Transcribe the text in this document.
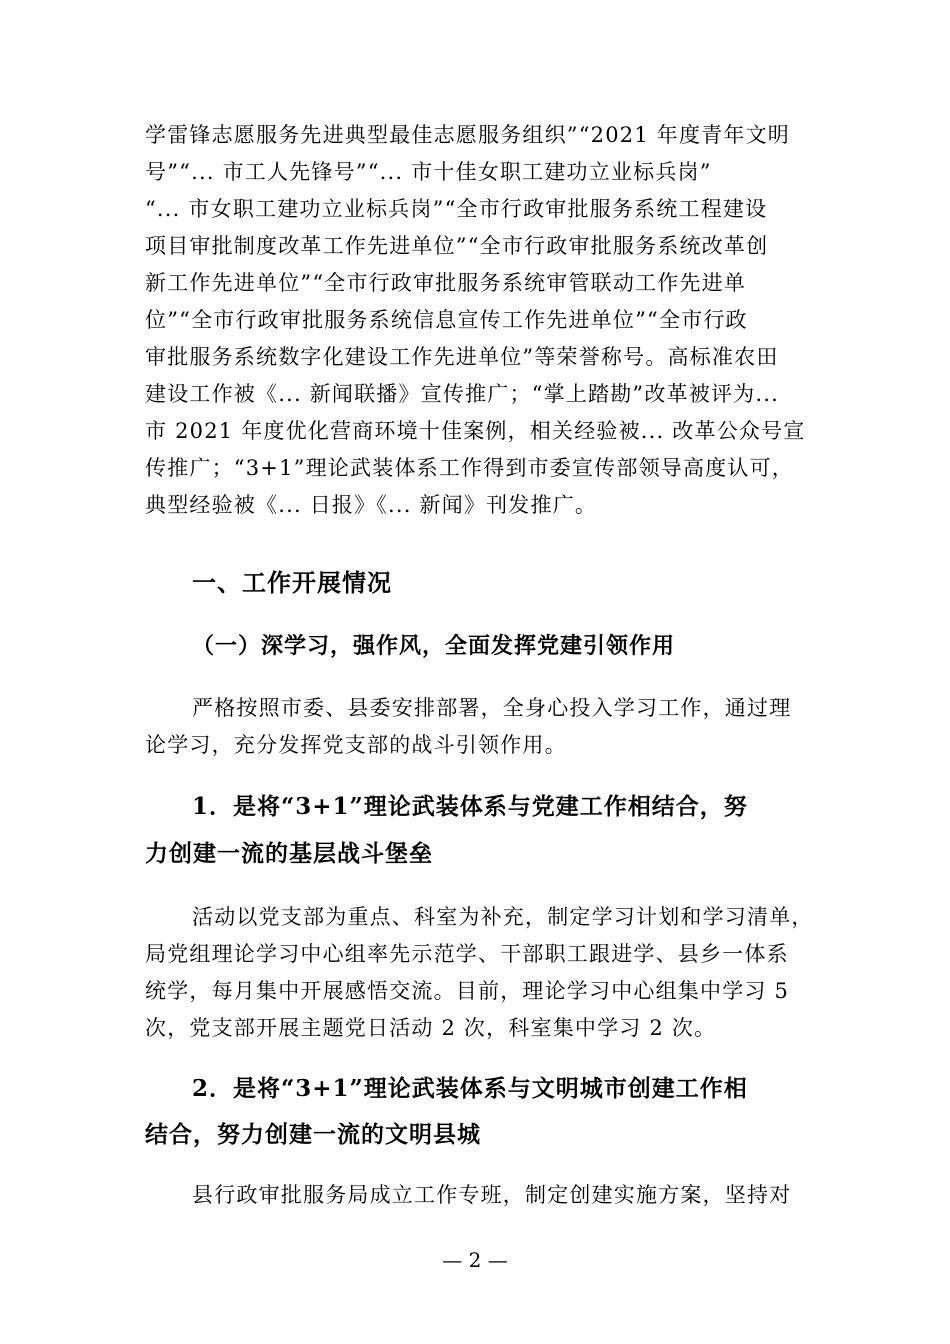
学雷锋志愿服务先进典型最佳志愿服务组织”“2021 年度青年文明
号”“... 市工人先锋号”“... 市十佳女职工建功立业标兵岗”
“... 市女职工建功立业标兵岗”“全市行政审批服务系统工程建设
项目审批制度改革工作先进单位”“全市行政审批服务系统改革创
新工作先进单位”“全市行政审批服务系统审管联动工作先进单
位”“全市行政审批服务系统信息宣传工作先进单位”“全市行政
审批服务系统数字化建设工作先进单位”等荣誉称号。高标准农田
建设工作被《... 新闻联播》宣传推广；“掌上踏勘”改革被评为...
市 2021 年度优化营商环境十佳案例，相关经验被... 改革公众号宣
传推广；“3+1”理论武装体系工作得到市委宣传部领导高度认可，
典型经验被《... 日报》《... 新闻》刊发推广。
一、工作开展情况
（一）深学习，强作风，全面发挥党建引领作用
严格按照市委、县委安排部署，全身心投入学习工作，通过理
论学习，充分发挥党支部的战斗引领作用。
1．是将“3+1”理论武装体系与党建工作相结合，努
力创建一流的基层战斗堡垒
活动以党支部为重点、科室为补充，制定学习计划和学习清单，
局党组理论学习中心组率先示范学、干部职工跟进学、县乡一体系
统学，每月集中开展感悟交流。目前，理论学习中心组集中学习 5
次，党支部开展主题党日活动 2 次，科室集中学习 2 次。
2．是将“3+1”理论武装体系与文明城市创建工作相
结合，努力创建一流的文明县城
县行政审批服务局成立工作专班，制定创建实施方案，坚持对
— 2 —
